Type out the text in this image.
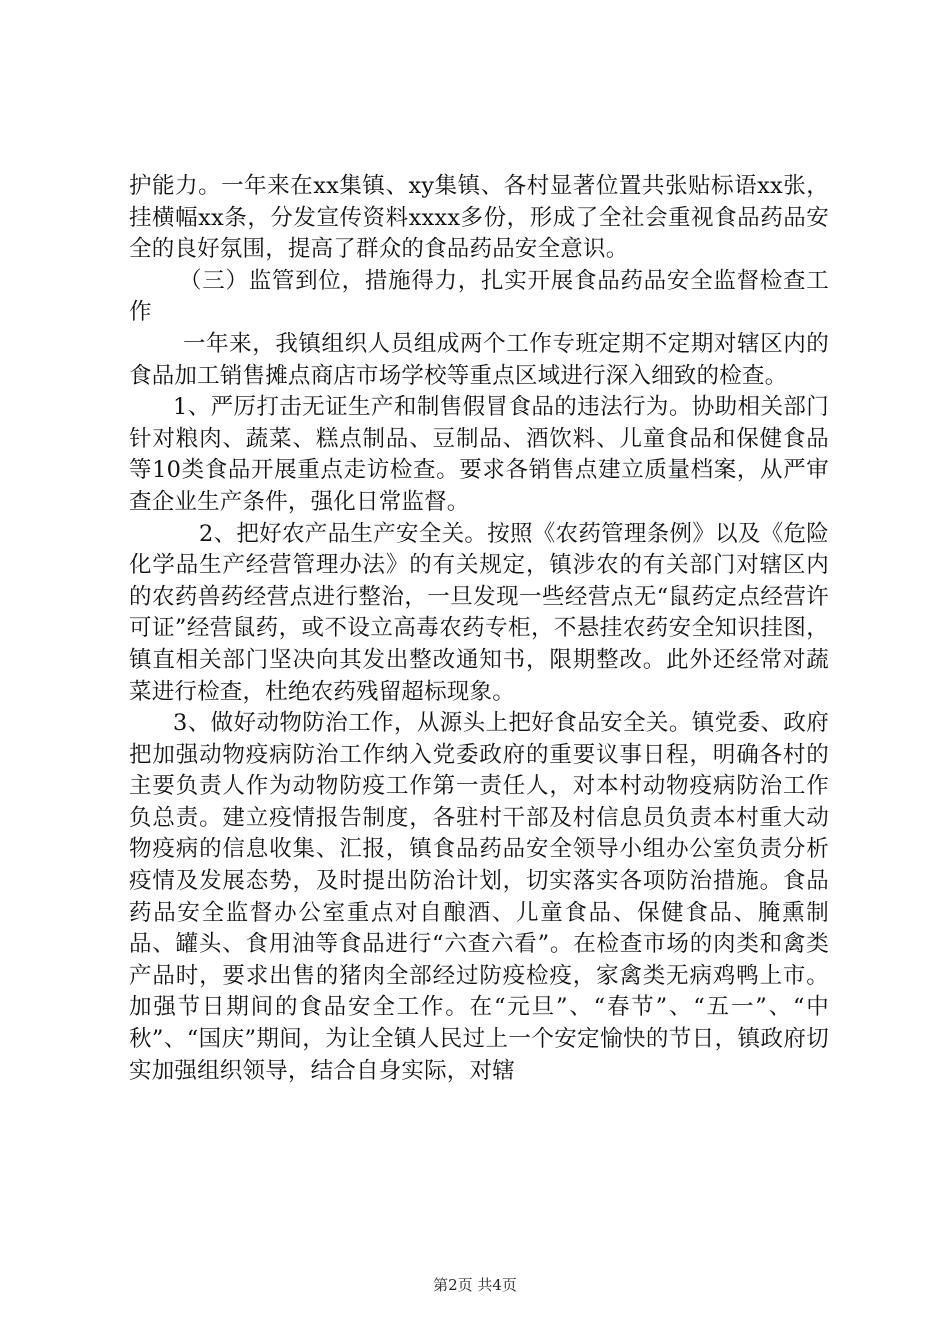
护能力。一年来在xx集镇、xy集镇、各村显著位置共张贴标语xx张，挂横幅xx条，分发宣传资料xxxx多份，形成了全社会重视食品药品安全的良好氛围，提高了群众的食品药品安全意识。

（三）监管到位，措施得力，扎实开展食品药品安全监督检查工作

一年来，我镇组织人员组成两个工作专班定期不定期对辖区内的食品加工销售摊点商店市场学校等重点区域进行深入细致的检查。

1、严厉打击无证生产和制售假冒食品的违法行为。协助相关部门针对粮肉、蔬菜、糕点制品、豆制品、酒饮料、儿童食品和保健食品等10类食品开展重点走访检查。要求各销售点建立质量档案，从严审查企业生产条件，强化日常监督。

2、把好农产品生产安全关。按照《农药管理条例》以及《危险化学品生产经营管理办法》的有关规定，镇涉农的有关部门对辖区内的农药兽药经营点进行整治，一旦发现一些经营点无“鼠药定点经营许可证”经营鼠药，或不设立高毒农药专柜，不悬挂农药安全知识挂图，镇直相关部门坚决向其发出整改通知书，限期整改。此外还经常对蔬菜进行检查，杜绝农药残留超标现象。

3、做好动物防治工作，从源头上把好食品安全关。镇党委、政府把加强动物疫病防治工作纳入党委政府的重要议事日程，明确各村的主要负责人作为动物防疫工作第一责任人，对本村动物疫病防治工作负总责。建立疫情报告制度，各驻村干部及村信息员负责本村重大动物疫病的信息收集、汇报，镇食品药品安全领导小组办公室负责分析疫情及发展态势，及时提出防治计划，切实落实各项防治措施。食品药品安全监督办公室重点对自酿酒、儿童食品、保健食品、腌熏制品、罐头、食用油等食品进行“六查六看”。在检查市场的肉类和禽类产品时，要求出售的猪肉全部经过防疫检疫，家禽类无病鸡鸭上市。加强节日期间的食品安全工作。在“元旦”、“春节”、“五一”、“中秋”、“国庆”期间，为让全镇人民过上一个安定愉快的节日，镇政府切实加强组织领导，结合自身实际，对辖

第2页 共4页
